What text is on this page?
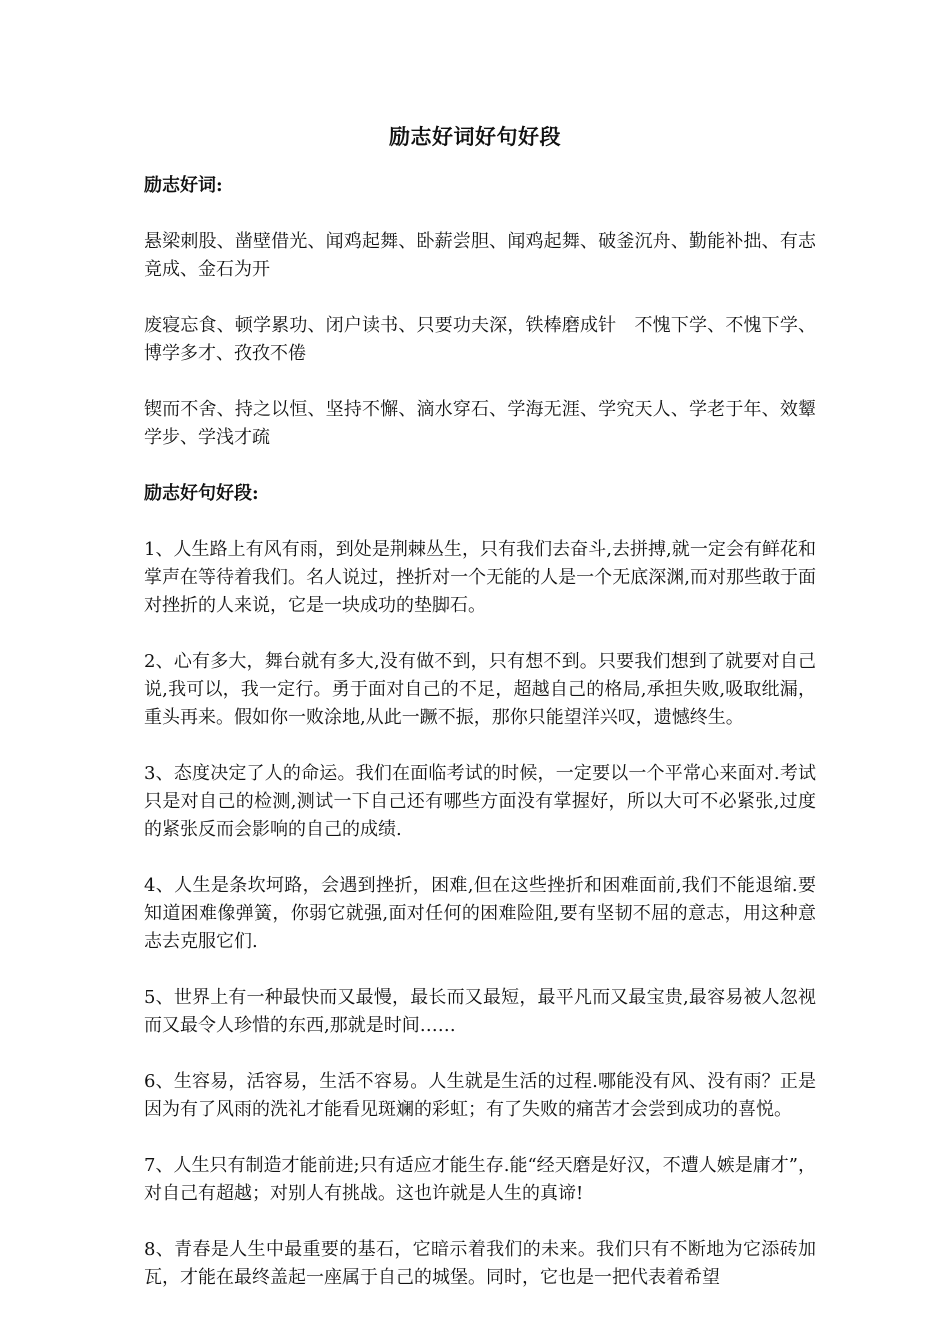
励志好词好句好段

励志好词:

悬梁刺股、凿壁借光、闻鸡起舞、卧薪尝胆、闻鸡起舞、破釜沉舟、勤能补拙、有志竟成、金石为开

废寝忘食、顿学累功、闭户读书、只要功夫深，铁棒磨成针　不愧下学、不愧下学、博学多才、孜孜不倦

锲而不舍、持之以恒、坚持不懈、滴水穿石、学海无涯、学究天人、学老于年、效颦学步、学浅才疏

励志好句好段:

1、人生路上有风有雨，到处是荆棘丛生，只有我们去奋斗,去拼搏,就一定会有鲜花和掌声在等待着我们。名人说过，挫折对一个无能的人是一个无底深渊,而对那些敢于面对挫折的人来说，它是一块成功的垫脚石。

2、心有多大，舞台就有多大,没有做不到，只有想不到。只要我们想到了就要对自己说,我可以，我一定行。勇于面对自己的不足，超越自己的格局,承担失败,吸取纰漏，重头再来。假如你一败涂地,从此一蹶不振，那你只能望洋兴叹，遗憾终生。

3、态度决定了人的命运。我们在面临考试的时候，一定要以一个平常心来面对.考试只是对自己的检测,测试一下自己还有哪些方面没有掌握好，所以大可不必紧张,过度的紧张反而会影响的自己的成绩.

4、人生是条坎坷路，会遇到挫折，困难,但在这些挫折和困难面前,我们不能退缩.要知道困难像弹簧，你弱它就强,面对任何的困难险阻,要有坚韧不屈的意志，用这种意志去克服它们.

5、世界上有一种最快而又最慢，最长而又最短，最平凡而又最宝贵,最容易被人忽视而又最令人珍惜的东西,那就是时间……

6、生容易，活容易，生活不容易。人生就是生活的过程.哪能没有风、没有雨？正是因为有了风雨的洗礼才能看见斑斓的彩虹；有了失败的痛苦才会尝到成功的喜悦。

7、人生只有制造才能前进;只有适应才能生存.能“经天磨是好汉，不遭人嫉是庸才”，对自己有超越；对别人有挑战。这也许就是人生的真谛!

8、青春是人生中最重要的基石，它暗示着我们的未来。我们只有不断地为它添砖加瓦，才能在最终盖起一座属于自己的城堡。同时，它也是一把代表着希望
